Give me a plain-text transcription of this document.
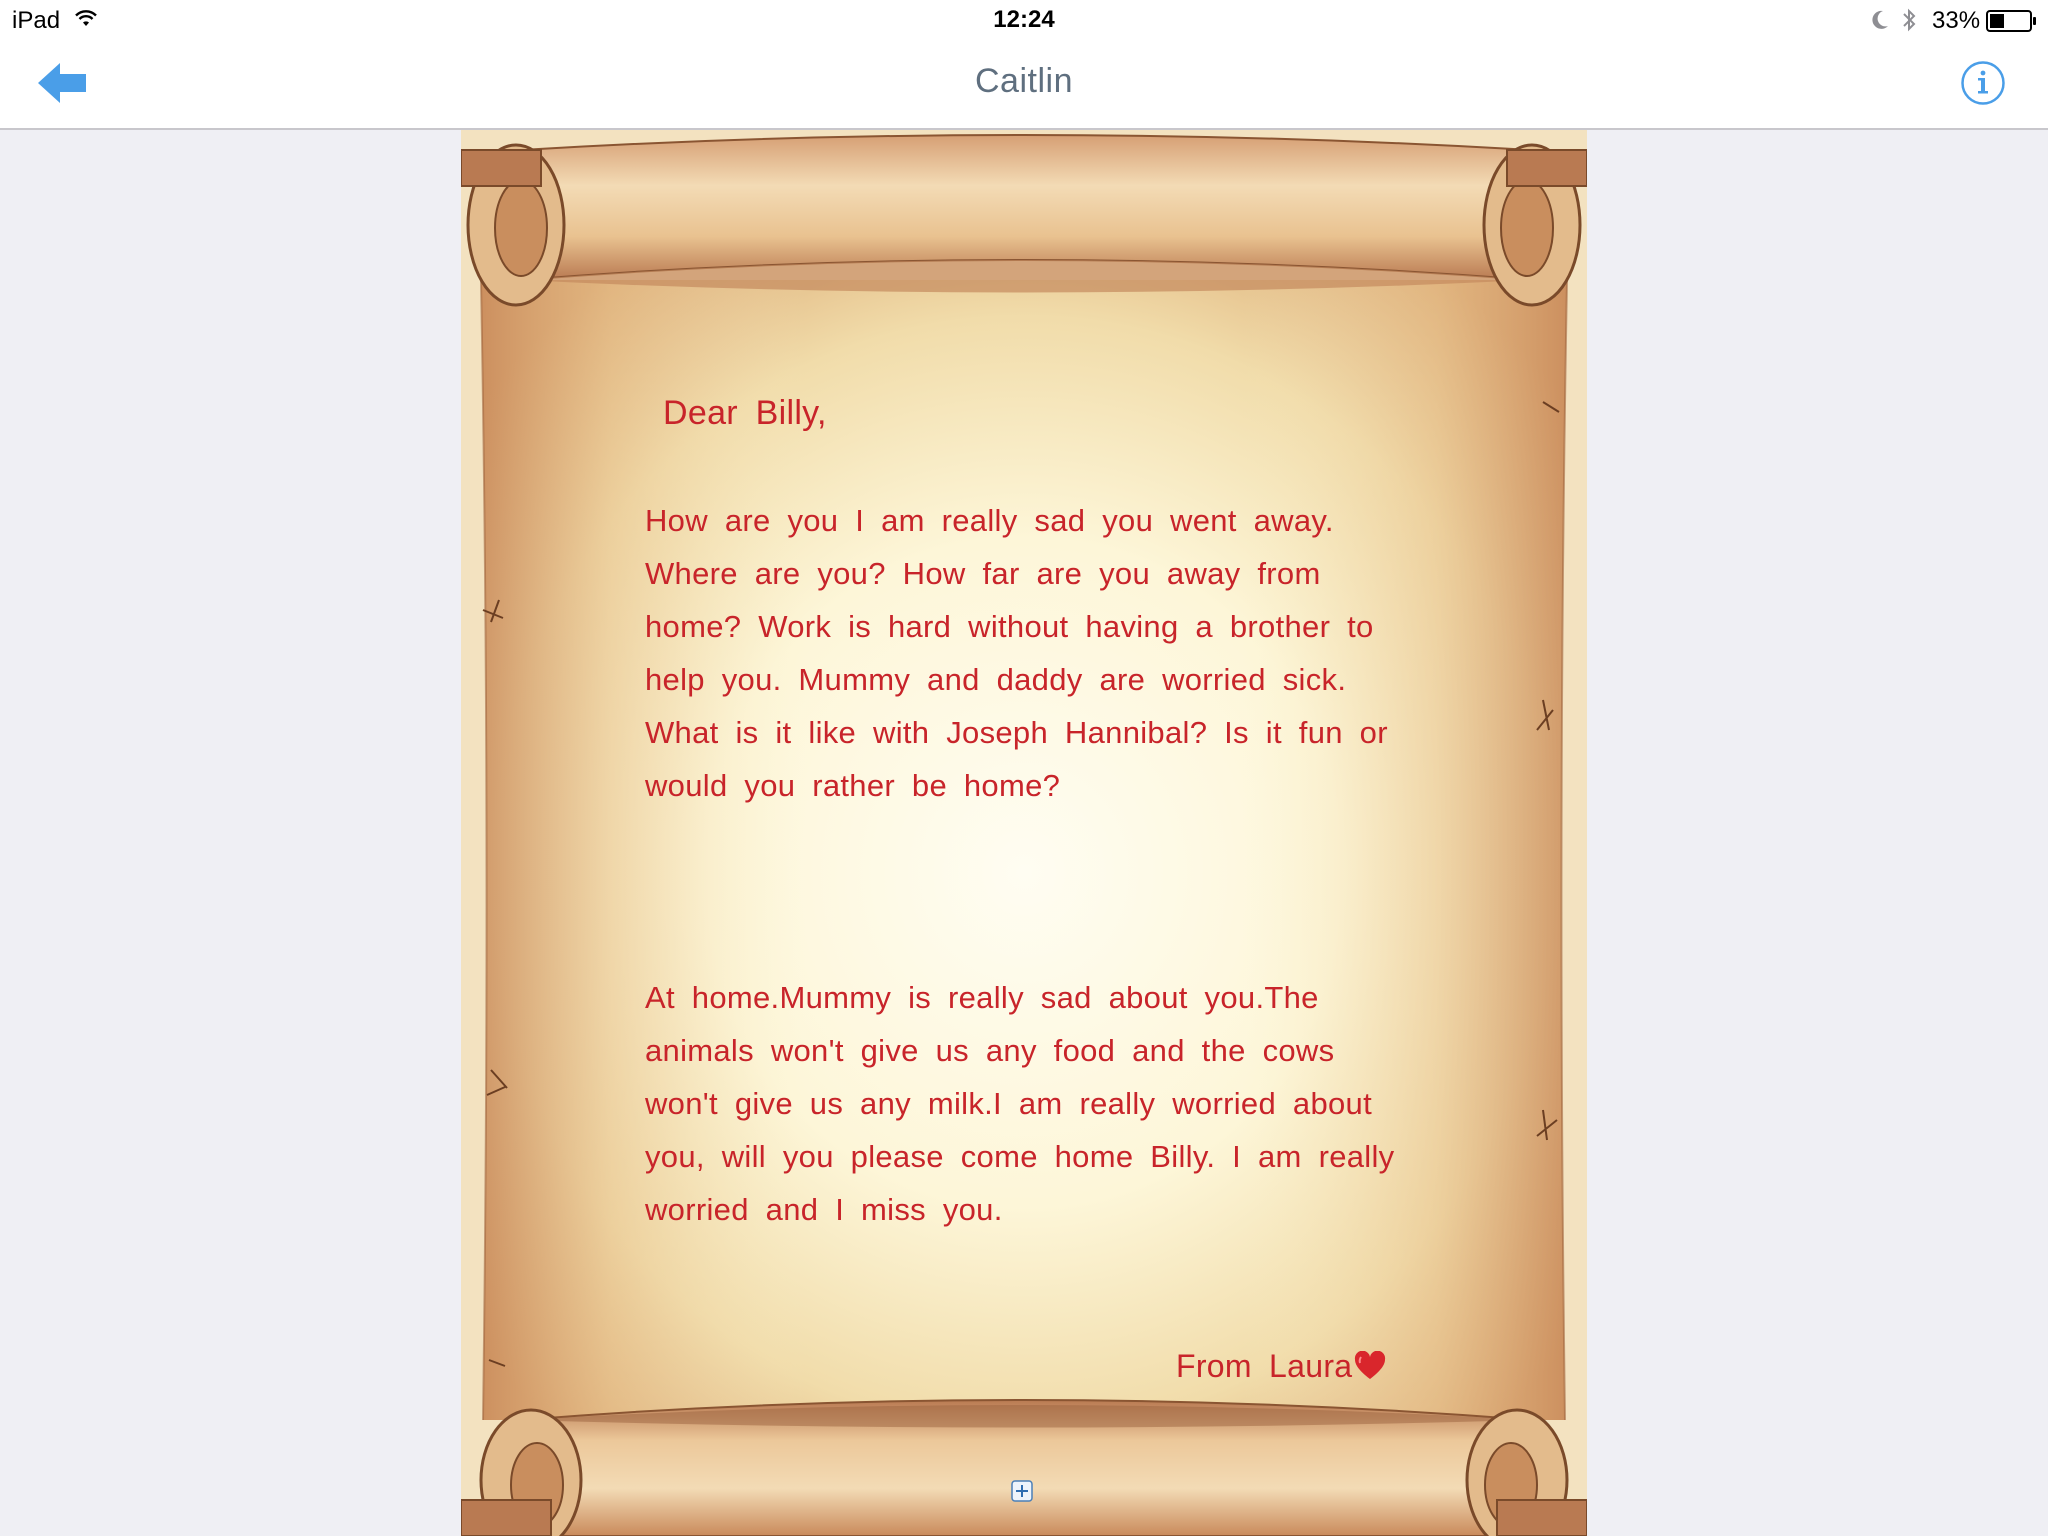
iPad	12:24	33%
Caitlin
Dear Billy,
How are you I am really sad you went away.
Where are you? How far are you away from
home? Work is hard without having a brother to
help you. Mummy and daddy are worried sick.
What is it like with Joseph Hannibal? Is it fun or
would you rather be home?
At home.Mummy is really sad about you.The
animals won't give us any food and the cows
won't give us any milk.I am really worried about
you, will you please come home Billy. I am really
worried and I miss you.
From Laura
